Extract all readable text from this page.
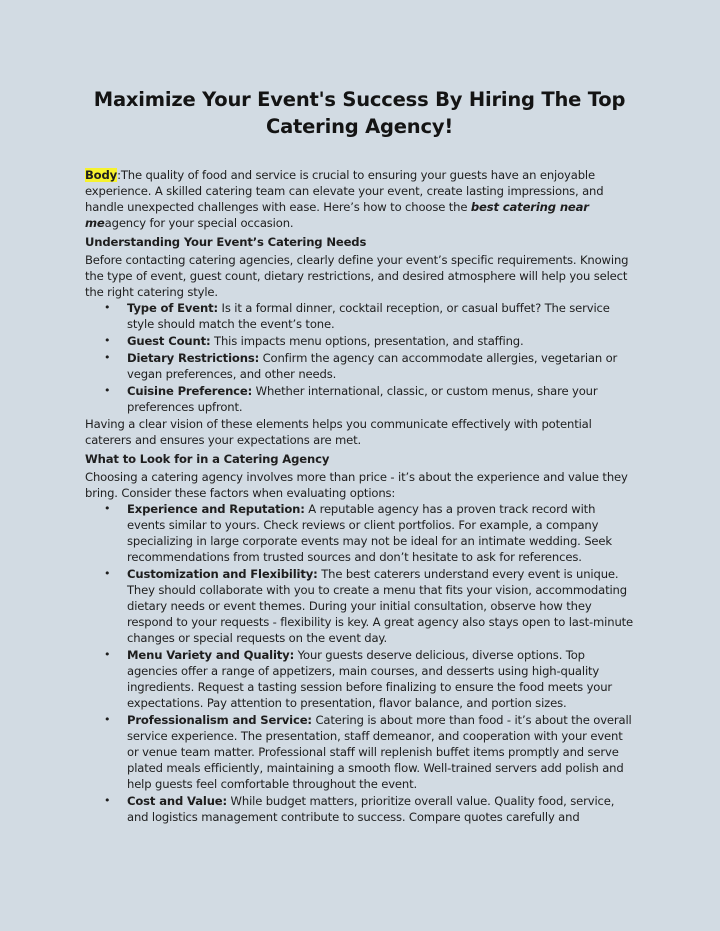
Maximize Your Event's Success By Hiring The Top Catering Agency!

Body:The quality of food and service is crucial to ensuring your guests have an enjoyable experience. A skilled catering team can elevate your event, create lasting impressions, and handle unexpected challenges with ease. Here’s how to choose the best catering near meagency for your special occasion.

Understanding Your Event’s Catering Needs

Before contacting catering agencies, clearly define your event’s specific requirements. Knowing the type of event, guest count, dietary restrictions, and desired atmosphere will help you select the right catering style.

• Type of Event: Is it a formal dinner, cocktail reception, or casual buffet? The service style should match the event’s tone.
• Guest Count: This impacts menu options, presentation, and staffing.
• Dietary Restrictions: Confirm the agency can accommodate allergies, vegetarian or vegan preferences, and other needs.
• Cuisine Preference: Whether international, classic, or custom menus, share your preferences upfront.

Having a clear vision of these elements helps you communicate effectively with potential caterers and ensures your expectations are met.

What to Look for in a Catering Agency

Choosing a catering agency involves more than price - it’s about the experience and value they bring. Consider these factors when evaluating options:

• Experience and Reputation: A reputable agency has a proven track record with events similar to yours. Check reviews or client portfolios. For example, a company specializing in large corporate events may not be ideal for an intimate wedding. Seek recommendations from trusted sources and don’t hesitate to ask for references.
• Customization and Flexibility: The best caterers understand every event is unique. They should collaborate with you to create a menu that fits your vision, accommodating dietary needs or event themes. During your initial consultation, observe how they respond to your requests - flexibility is key. A great agency also stays open to last-minute changes or special requests on the event day.
• Menu Variety and Quality: Your guests deserve delicious, diverse options. Top agencies offer a range of appetizers, main courses, and desserts using high-quality ingredients. Request a tasting session before finalizing to ensure the food meets your expectations. Pay attention to presentation, flavor balance, and portion sizes.
• Professionalism and Service: Catering is about more than food - it’s about the overall service experience. The presentation, staff demeanor, and cooperation with your event or venue team matter. Professional staff will replenish buffet items promptly and serve plated meals efficiently, maintaining a smooth flow. Well-trained servers add polish and help guests feel comfortable throughout the event.
• Cost and Value: While budget matters, prioritize overall value. Quality food, service, and logistics management contribute to success. Compare quotes carefully and
